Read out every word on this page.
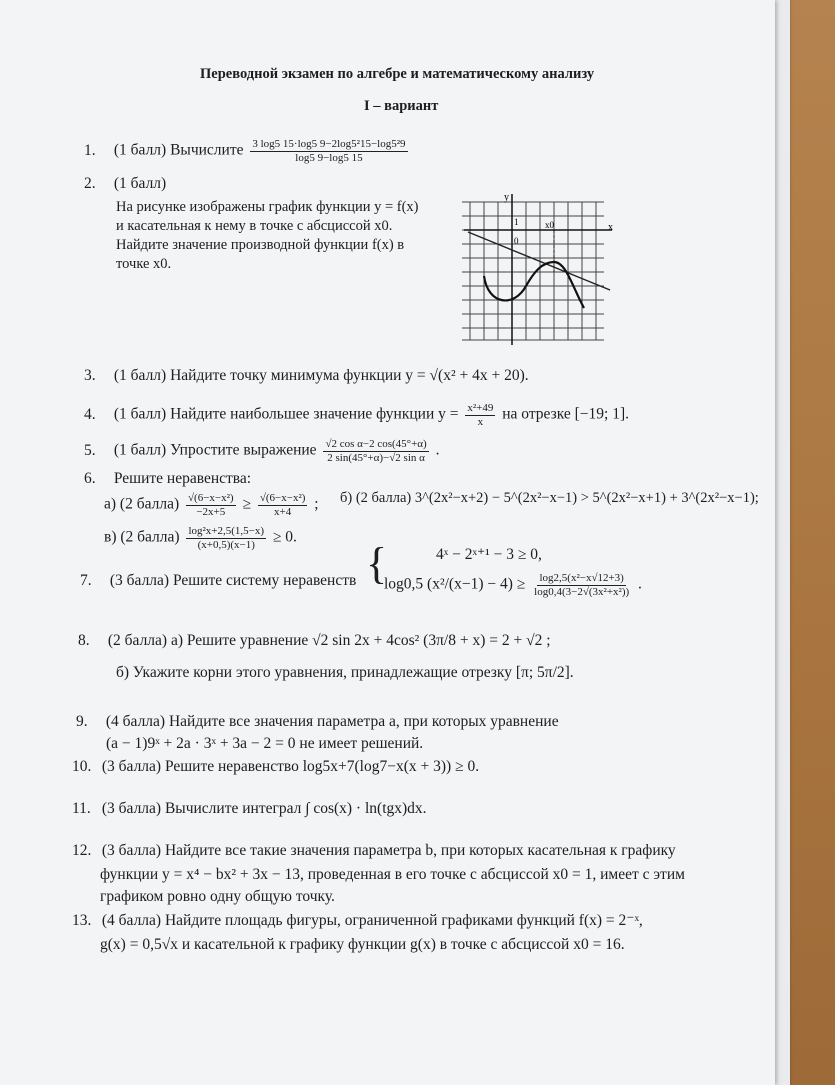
Переводной экзамен по алгебре и математическому анализу
I – вариант
1. (1 балл) Вычислите $\frac{\text{3 log5 15·log5 9−2log5²15−log5²9}}{\log 5 9-\log 5 15}$
2. (1 балл)
На рисунке изображены график функции y = f(x)
и касательная к нему в точке с абсциссой x0.
Найдите значение производной функции f(x) в
точке x0.
y
x
1
0
x0
3. (1 балл) Найдите точку минимума функции y = √(x² + 4x + 20).
4. (1 балл) Найдите наибольшее значение функции $y = \frac{\text{x²+49}}{x}$ на отрезке [−19; 1].
5. (1 балл) Упростите выражение $\frac{\text{√2 cos α−2 cos(45°+α)}}{\text{2 sin(45°+α)−√2 sin α}}$ .
6. Решите неравенства:
а) (2 балла) $\frac{\text{√(6−x−x²)}}{-2x+5} \ge \frac{\text{√(6−x−x²)}}{x+4}$ ; б) (2 балла) 3^(2x²−x+2) − 5^(2x²−x−1) > 5^(2x²−x+1) + 3^(2x²−x−1);
в) (2 балла) $\frac{\text{log²x+2,5(1,5−x)}}{(x+0,5)(x-1)} \ge 0$.
7. (3 балла) Решите систему неравенств {	4ˣ − 2ˣ⁺¹ − 3 ≥ 0,
log0,5 $(x^2/(x-1) - 4) \ge \frac{\text{log2,5(x²−x√12+3)}}{\text{log0,4(3−2√(3x²+x²))}}$ .
8. (2 балла) а) Решите уравнение √2 sin 2x + 4cos² (3π/8 + x) = 2 + √2 ;
б) Укажите корни этого уравнения, принадлежащие отрезку [π; 5π/2].
9. (4 балла) Найдите все значения параметра a, при которых уравнение
(a − 1)9ˣ + 2a · 3ˣ + 3a − 2 = 0 не имеет решений.
10. (3 балла) Решите неравенство log5x+7(log7−x(x + 3)) ≥ 0.
11. (3 балла) Вычислите интеграл ∫ cos(x) · ln(tgx)dx.
12. (3 балла) Найдите все такие значения параметра b, при которых касательная к графику
функции y = x⁴ − bx² + 3x − 13, проведенная в его точке с абсциссой x0 = 1, имеет с этим
графиком ровно одну общую точку.
13. (4 балла) Найдите площадь фигуры, ограниченной графиками функций f(x) = 2⁻ˣ,
g(x) = 0,5√x и касательной к графику функции g(x) в точке с абсциссой x0 = 16.
